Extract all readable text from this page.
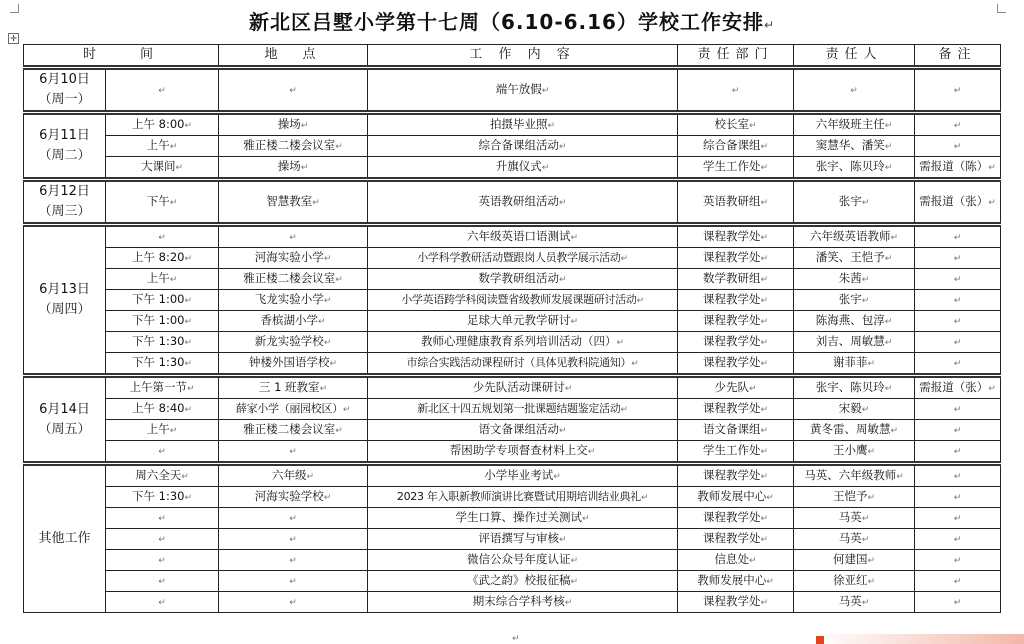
新北区吕墅小学第十七周（6.10-6.16）学校工作安排↵
✛
时　　间		地　点	工 作 内 容	责任部门	责任人	备注

6月10日
（周一）	↵	↵	端午放假↵	↵	↵	↵

6月11日
（周二）	上午 8:00↵	操场↵	拍摄毕业照↵	校长室↵	六年级班主任↵	↵
	上午↵	雅正楼二楼会议室↵	综合备课组活动↵	综合备课组↵	窦慧华、潘笑↵	↵
	大课间↵	操场↵	升旗仪式↵	学生工作处↵	张宇、陈贝玲↵	需报道（陈）↵

6月12日
（周三）	下午↵	智慧教室↵	英语教研组活动↵	英语教研组↵	张宇↵	需报道（张）↵

6月13日
（周四）	↵	↵	六年级英语口语测试↵	课程教学处↵	六年级英语教师↵	↵
	上午 8:20↵	河海实验小学↵	小学科学教研活动暨跟岗人员教学展示活动↵	课程教学处↵	潘笑、王恺予↵	↵
	上午↵	雅正楼二楼会议室↵	数学教研组活动↵	数学教研组↵	朱茜↵	↵
	下午 1:00↵	飞龙实验小学↵	小学英语跨学科阅读暨省级教师发展课题研讨活动↵	课程教学处↵	张宇↵	↵
	下午 1:00↵	香槟湖小学↵	足球大单元教学研讨↵	课程教学处↵	陈海燕、包淳↵	↵
	下午 1:30↵	新龙实验学校↵	教师心理健康教育系列培训活动（四）↵	课程教学处↵	刘吉、周敏慧↵	↵
	下午 1:30↵	钟楼外国语学校↵	市综合实践活动课程研讨（具体见教科院通知）↵	课程教学处↵	谢菲菲↵	↵

6月14日
（周五）	上午第一节↵	三 1 班教室↵	少先队活动课研讨↵	少先队↵	张宇、陈贝玲↵	需报道（张）↵
	上午 8:40↵	薛家小学（丽园校区）↵	新北区十四五规划第一批课题结题鉴定活动↵	课程教学处↵	宋毅↵	↵
	上午↵	雅正楼二楼会议室↵	语文备课组活动↵	语文备课组↵	黄冬雷、周敏慧↵	↵
	↵	↵	帮困助学专项督查材料上交↵	学生工作处↵	王小鹰↵	↵

其他工作	周六全天↵	六年级↵	小学毕业考试↵	课程教学处↵	马英、六年级教师↵	↵
	下午 1:30↵	河海实验学校↵	2023 年入职新教师演讲比赛暨试用期培训结业典礼↵	教师发展中心↵	王恺予↵	↵
	↵	↵	学生口算、操作过关测试↵	课程教学处↵	马英↵	↵
	↵	↵	评语撰写与审核↵	课程教学处↵	马英↵	↵
	↵	↵	微信公众号年度认证↵	信息处↵	何建国↵	↵
	↵	↵	《武之韵》校报征稿↵	教师发展中心↵	徐亚红↵	↵
	↵	↵	期末综合学科考核↵	课程教学处↵	马英↵	↵
↵
